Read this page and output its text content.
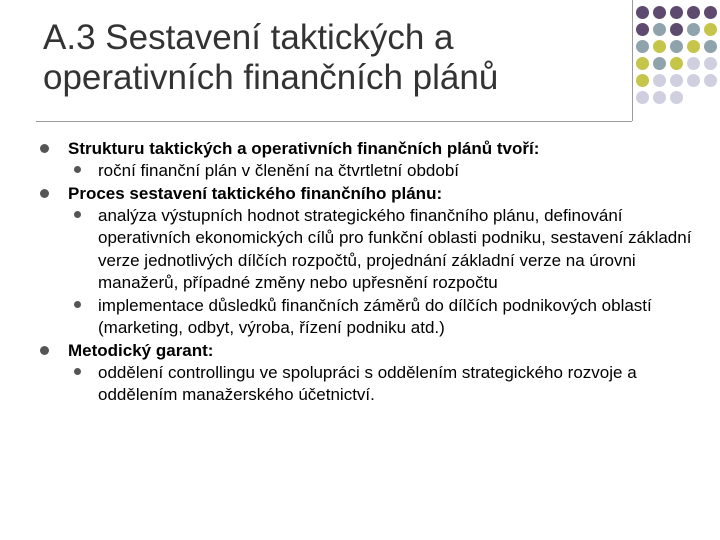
A.3 Sestavení taktických a
operativních finančních plánů
Strukturu taktických a operativních finančních plánů tvoří:
roční finanční plán v členění na čtvrtletní období
Proces sestavení taktického finančního plánu:
analýza výstupních hodnot strategického finančního plánu, definování operativních ekonomických cílů pro funkční oblasti podniku, sestavení základní verze jednotlivých dílčích rozpočtů, projednání základní verze na úrovni manažerů, případné změny nebo upřesnění rozpočtu
implementace důsledků finančních záměrů do dílčích podnikových oblastí (marketing, odbyt, výroba, řízení podniku atd.)
Metodický garant:
oddělení controllingu ve spolupráci s oddělením strategického rozvoje a oddělením manažerského účetnictví.
